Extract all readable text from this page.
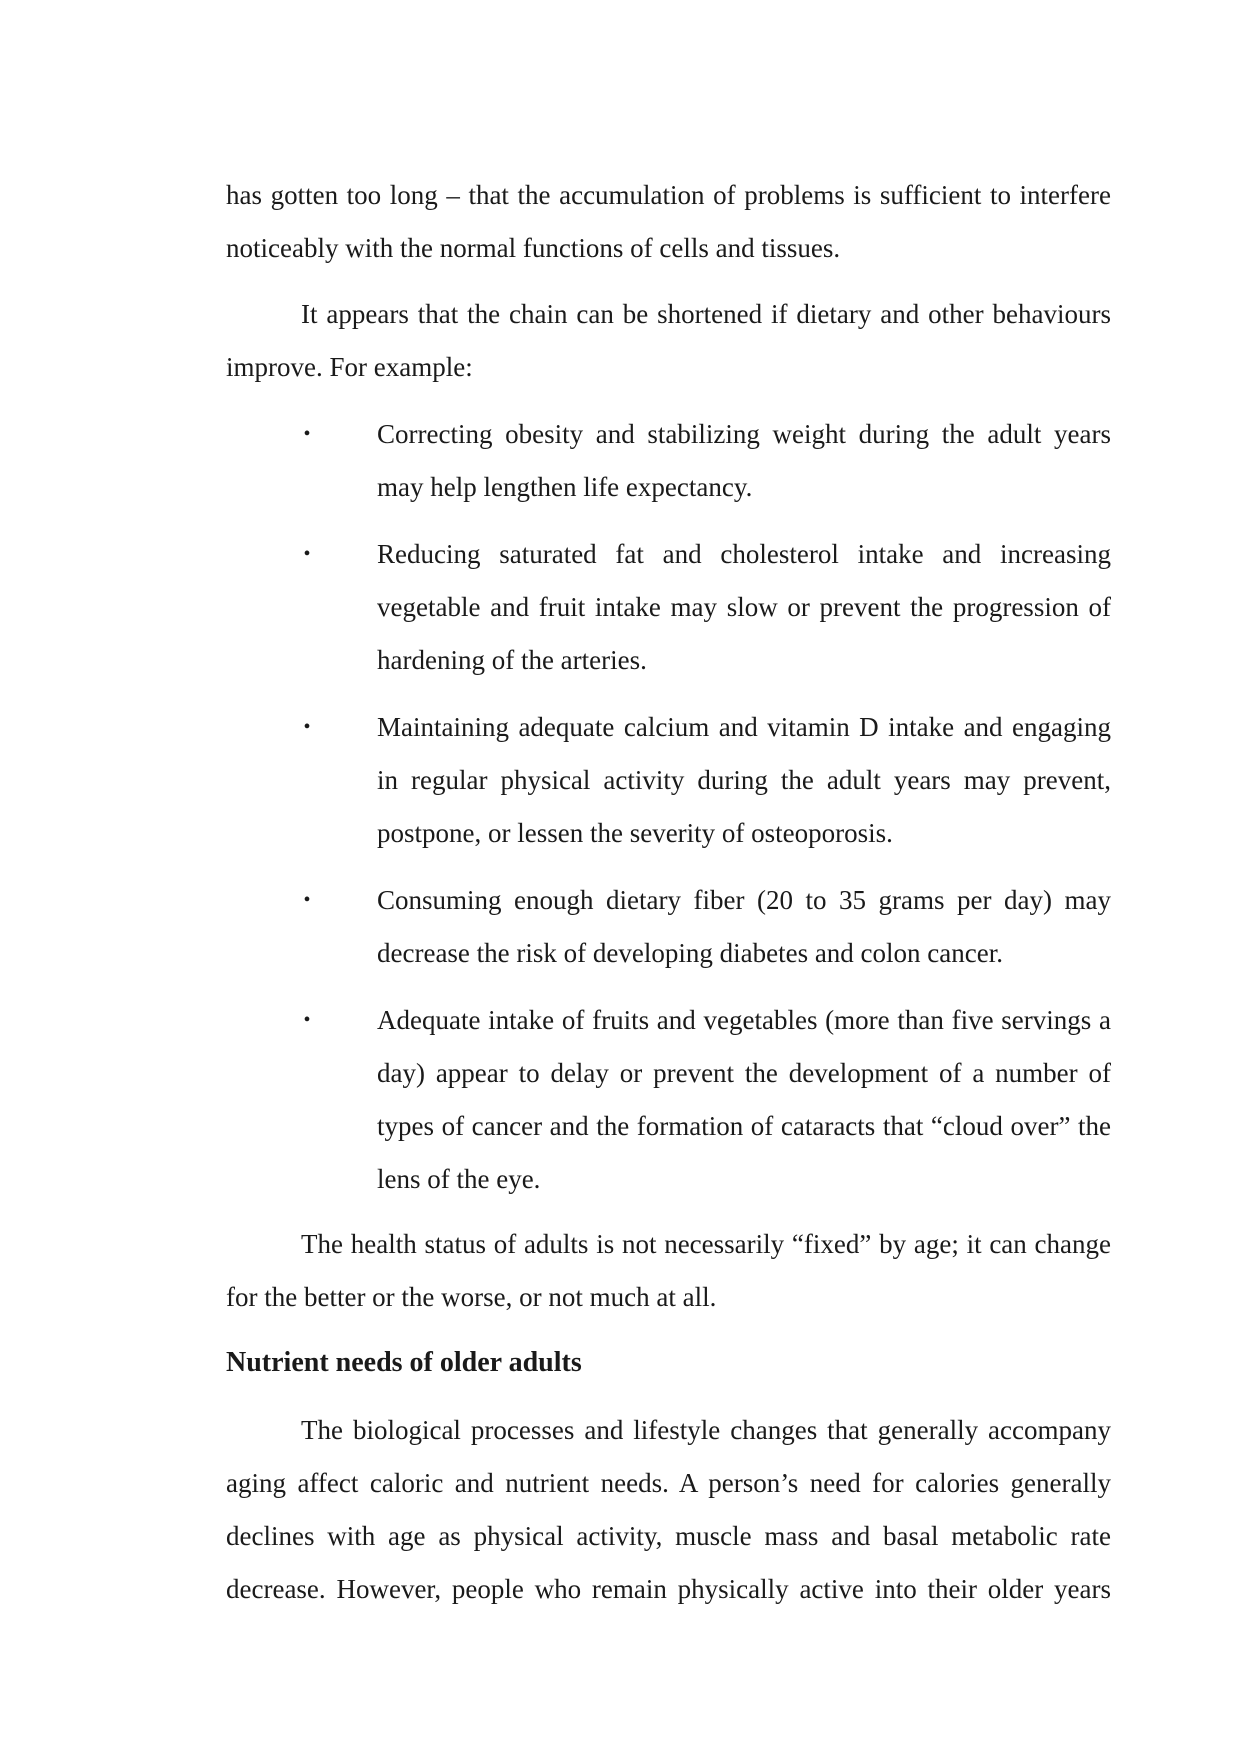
has gotten too long – that the accumulation of problems is sufficient to interfere
noticeably with the normal functions of cells and tissues.
It appears that the chain can be shortened if dietary and other behaviours
improve. For example:
• Correcting obesity and stabilizing weight during the adult years
may help lengthen life expectancy.
• Reducing saturated fat and cholesterol intake and increasing
vegetable and fruit intake may slow or prevent the progression of
hardening of the arteries.
• Maintaining adequate calcium and vitamin D intake and engaging
in regular physical activity during the adult years may prevent,
postpone, or lessen the severity of osteoporosis.
• Consuming enough dietary fiber (20 to 35 grams per day) may
decrease the risk of developing diabetes and colon cancer.
• Adequate intake of fruits and vegetables (more than five servings a
day) appear to delay or prevent the development of a number of
types of cancer and the formation of cataracts that “cloud over” the
lens of the eye.
The health status of adults is not necessarily “fixed” by age; it can change
for the better or the worse, or not much at all.
Nutrient needs of older adults
The biological processes and lifestyle changes that generally accompany
aging affect caloric and nutrient needs. A person’s need for calories generally
declines with age as physical activity, muscle mass and basal metabolic rate
decrease. However, people who remain physically active into their older years
